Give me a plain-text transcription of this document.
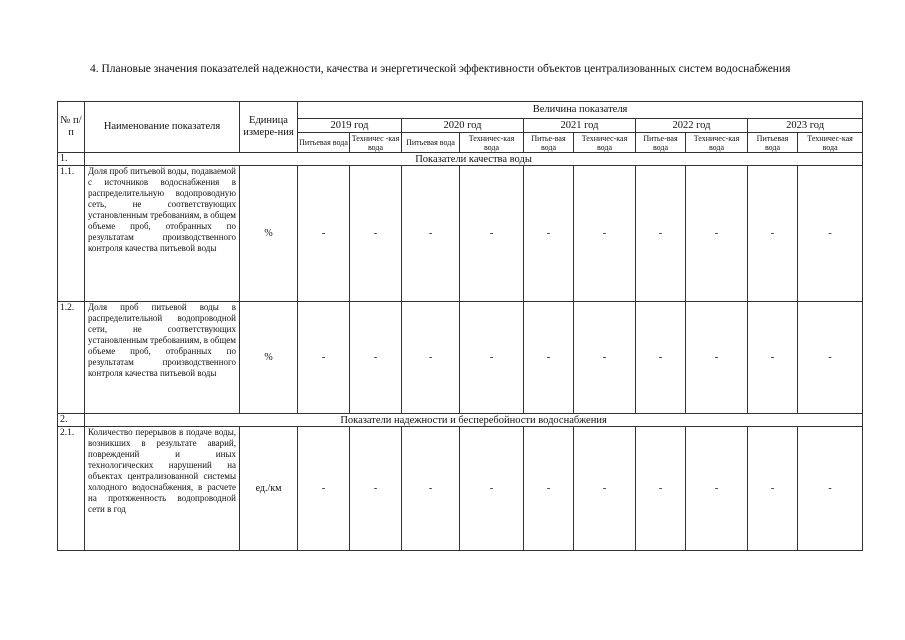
4. Плановые значения показателей надежности, качества и энергетической эффективности объектов централизованных систем водоснабжения
№ п/п	Наименование показателя	Единица измере-ния	Величина показателя									
			2019 год		2020 год		2021 год		2022 год		2023 год	
			Питьевая вода	Техничес -кая вода	Питьевая вода	Техничес-кая вода	Питье-вая вода	Техничес-кая вода	Питье-вая вода	Техничес-кая вода	Питьевая вода	Техничес-кая вода
1.	Показатели качества воды											
1.1.	Доля проб питьевой воды, подаваемой с источников водоснабжения в распределительную водопроводную сеть, не соответствующих установленным требованиям, в общем объеме проб, отобранных по результатам производственного контроля качества питьевой воды	%	-	-	-	-	-	-	-	-	-	-
1.2.	Доля проб питьевой воды в распределительной водопроводной сети, не соответствующих установленным требованиям, в общем объеме проб, отобранных по результатам производственного контроля качества питьевой воды	%	-	-	-	-	-	-	-	-	-	-
2.	Показатели надежности и бесперебойности водоснабжения											
2.1.	Количество перерывов в подаче воды, возникших в результате аварий, повреждений и иных технологических нарушений на объектах централизованной системы холодного водоснабжения, в расчете на протяженность водопроводной сети в год	ед./км	-	-	-	-	-	-	-	-	-	-
